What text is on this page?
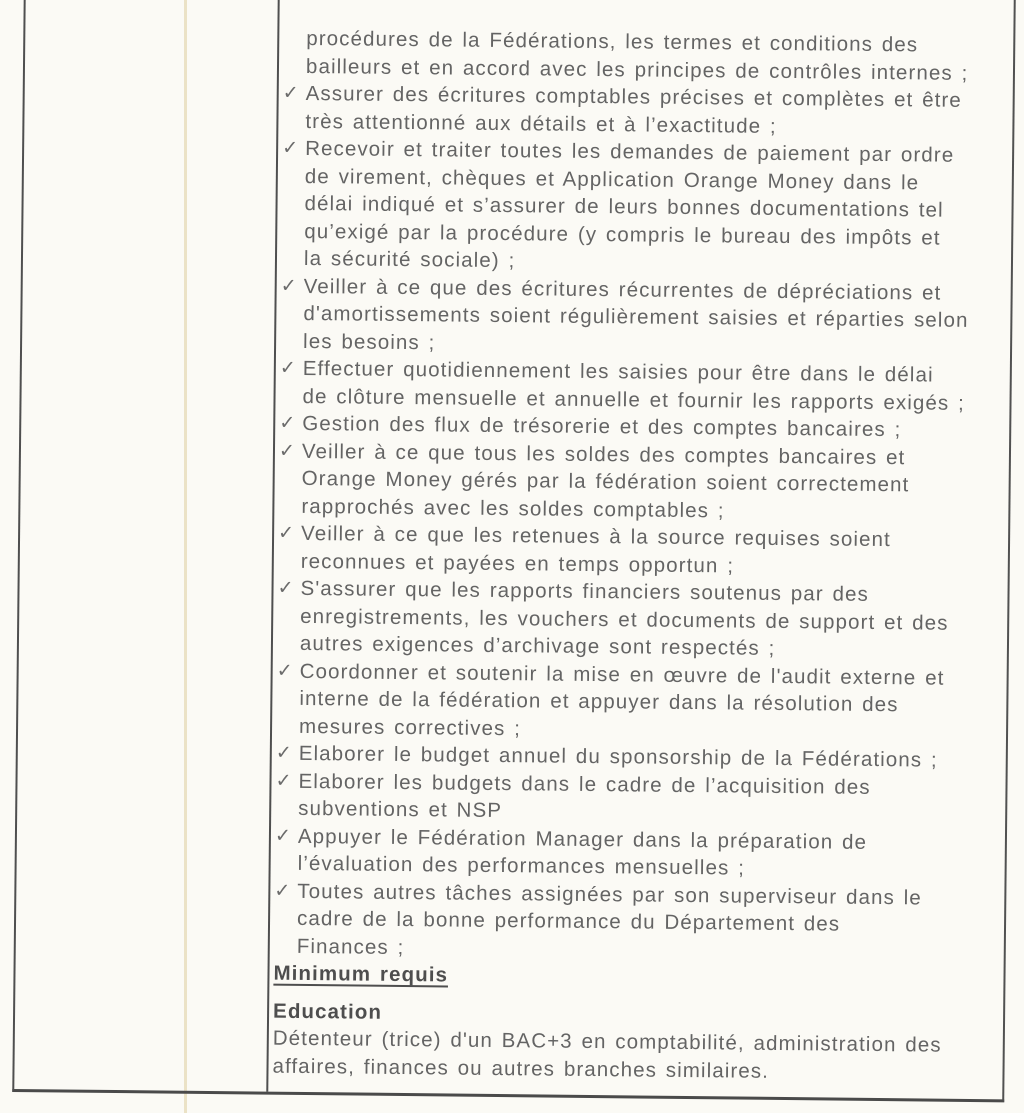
procédures de la Fédérations, les termes et conditions des
bailleurs et en accord avec les principes de contrôles internes ;

✓ Assurer des écritures comptables précises et complètes et être
très attentionné aux détails et à l’exactitude ;
✓ Recevoir et traiter toutes les demandes de paiement par ordre
de virement, chèques et Application Orange Money dans le
délai indiqué et s’assurer de leurs bonnes documentations tel
qu’exigé par la procédure (y compris le bureau des impôts et
la sécurité sociale) ;
✓ Veiller à ce que des écritures récurrentes de dépréciations et
d'amortissements soient régulièrement saisies et réparties selon
les besoins ;
✓ Effectuer quotidiennement les saisies pour être dans le délai
de clôture mensuelle et annuelle et fournir les rapports exigés ;
✓ Gestion des flux de trésorerie et des comptes bancaires ;
✓ Veiller à ce que tous les soldes des comptes bancaires et
Orange Money gérés par la fédération soient correctement
rapprochés avec les soldes comptables ;
✓ Veiller à ce que les retenues à la source requises soient
reconnues et payées en temps opportun ;
✓ S'assurer que les rapports financiers soutenus par des
enregistrements, les vouchers et documents de support et des
autres exigences d’archivage sont respectés ;
✓ Coordonner et soutenir la mise en œuvre de l'audit externe et
interne de la fédération et appuyer dans la résolution des
mesures correctives ;
✓ Elaborer le budget annuel du sponsorship de la Fédérations ;
✓ Elaborer les budgets dans le cadre de l’acquisition des
subventions et NSP
✓ Appuyer le Fédération Manager dans la préparation de
l’évaluation des performances mensuelles ;
✓ Toutes autres tâches assignées par son superviseur dans le
cadre de la bonne performance du Département des
Finances ;

Minimum requis

Education

Détenteur (trice) d'un BAC+3 en comptabilité, administration des
affaires, finances ou autres branches similaires.
